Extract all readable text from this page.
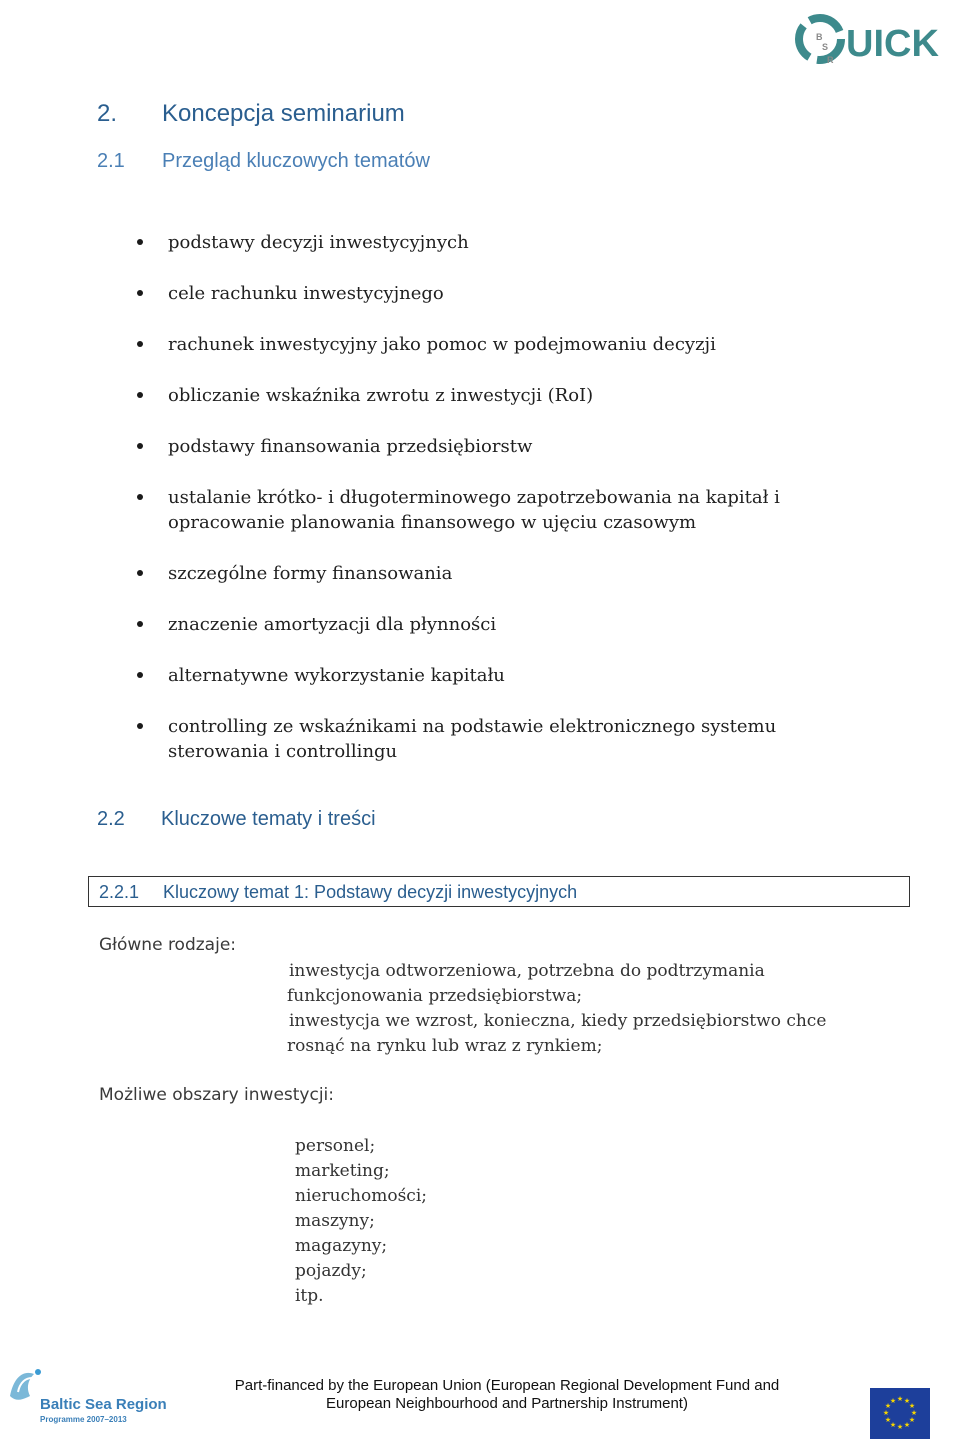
B
S
R UICK
2. Koncepcja seminarium
2.1 Przegląd kluczowych tematów
podstawy decyzji inwestycyjnych
cele rachunku inwestycyjnego
rachunek inwestycyjny jako pomoc w podejmowaniu decyzji
obliczanie wskaźnika zwrotu z inwestycji (RoI)
podstawy finansowania przedsiębiorstw
ustalanie krótko- i długoterminowego zapotrzebowania na kapitał i
opracowanie planowania finansowego w ujęciu czasowym
szczególne formy finansowania
znaczenie amortyzacji dla płynności
alternatywne wykorzystanie kapitału
controlling ze wskaźnikami na podstawie elektronicznego systemu
sterowania i controllingu
2.2 Kluczowe tematy i treści
2.2.1 Kluczowy temat 1: Podstawy decyzji inwestycyjnych
Główne rodzaje:
inwestycja odtworzeniowa, potrzebna do podtrzymania
funkcjonowania przedsiębiorstwa;
inwestycja we wzrost, konieczna, kiedy przedsiębiorstwo chce
rosnąć na rynku lub wraz z rynkiem;
Możliwe obszary inwestycji:
personel;
marketing;
nieruchomości;
maszyny;
magazyny;
pojazdy;
itp.
Baltic Sea Region
Programme 2007–2013
Part-financed by the European Union (European Regional Development Fund and
European Neighbourhood and Partnership Instrument)	★ ★
★
★
★
★
★
★
★
★
★
★
